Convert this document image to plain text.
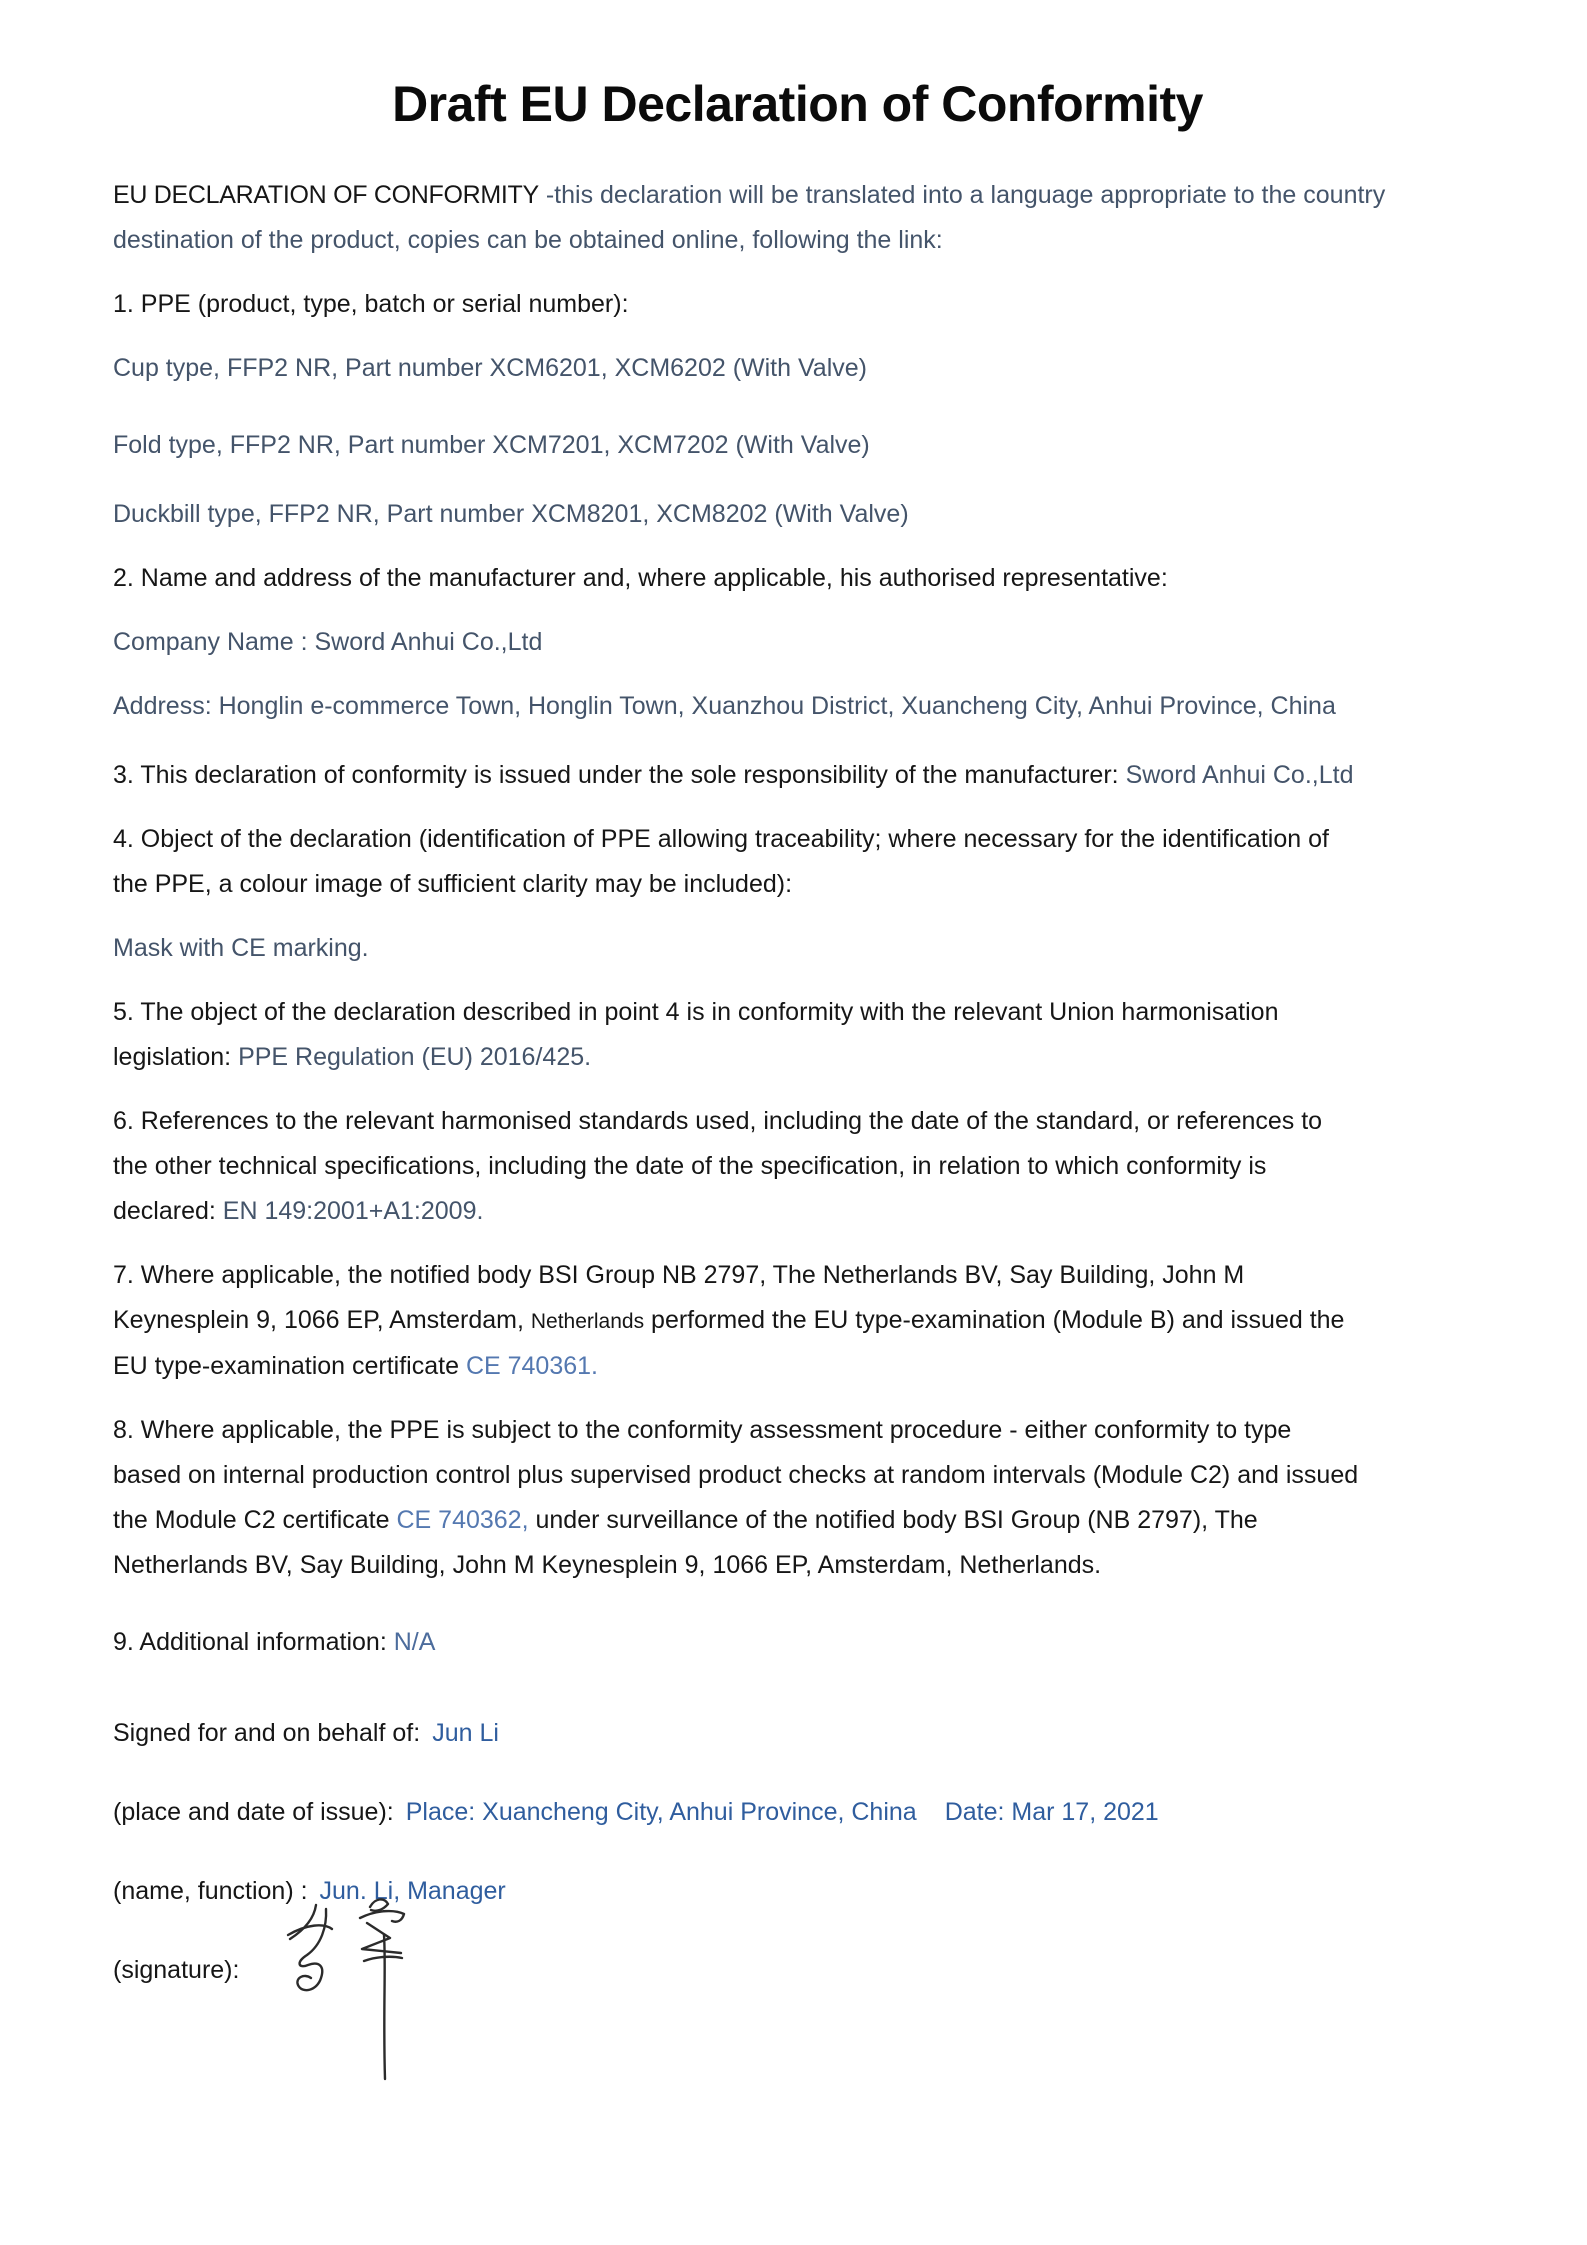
Draft EU Declaration of Conformity

EU DECLARATION OF CONFORMITY -this declaration will be translated into a language appropriate to the country destination of the product, copies can be obtained online, following the link:

1. PPE (product, type, batch or serial number):

Cup type, FFP2 NR, Part number XCM6201, XCM6202 (With Valve)

Fold type, FFP2 NR, Part number XCM7201, XCM7202 (With Valve)

Duckbill type, FFP2 NR, Part number XCM8201, XCM8202 (With Valve)

2. Name and address of the manufacturer and, where applicable, his authorised representative:

Company Name : Sword Anhui Co.,Ltd

Address: Honglin e-commerce Town, Honglin Town, Xuanzhou District, Xuancheng City, Anhui Province, China

3. This declaration of conformity is issued under the sole responsibility of the manufacturer: Sword Anhui Co.,Ltd

4. Object of the declaration (identification of PPE allowing traceability; where necessary for the identification of the PPE, a colour image of sufficient clarity may be included):

Mask with CE marking.

5. The object of the declaration described in point 4 is in conformity with the relevant Union harmonisation legislation: PPE Regulation (EU) 2016/425.

6. References to the relevant harmonised standards used, including the date of the standard, or references to the other technical specifications, including the date of the specification, in relation to which conformity is declared: EN 149:2001+A1:2009.

7. Where applicable, the notified body BSI Group NB 2797, The Netherlands BV, Say Building, John M Keynesplein 9, 1066 EP, Amsterdam, Netherlands performed the EU type-examination (Module B) and issued the EU type-examination certificate CE 740361.

8. Where applicable, the PPE is subject to the conformity assessment procedure - either conformity to type based on internal production control plus supervised product checks at random intervals (Module C2) and issued the Module C2 certificate CE 740362, under surveillance of the notified body BSI Group (NB 2797), The Netherlands BV, Say Building, John M Keynesplein 9, 1066 EP, Amsterdam, Netherlands.

9. Additional information: N/A

Signed for and on behalf of: Jun Li

(place and date of issue): Place: Xuancheng City, Anhui Province, China Date: Mar 17, 2021

(name, function) : Jun. Li, Manager

(signature):
